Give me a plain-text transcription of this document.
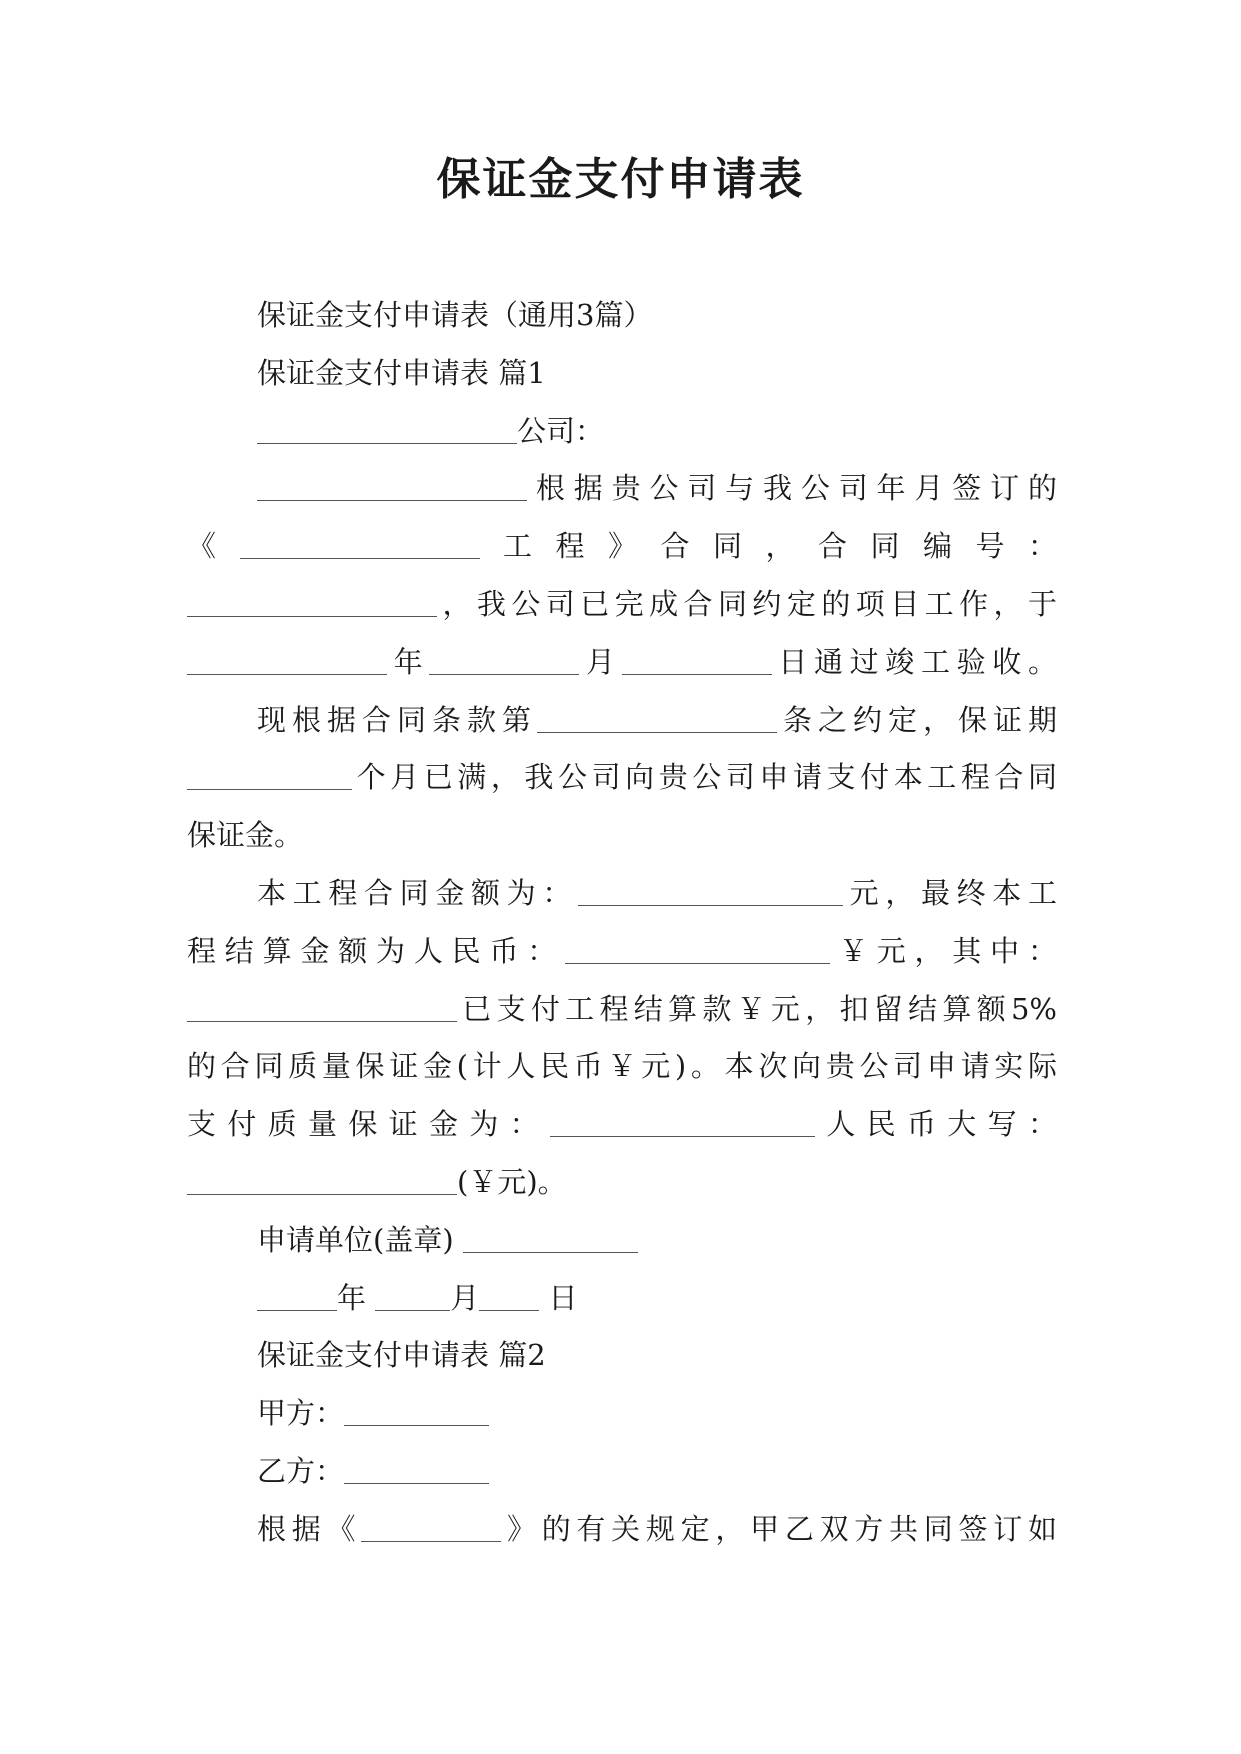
保证金支付申请表
保证金支付申请表（通用3篇）
保证金支付申请表 篇1
公司：
根据贵公司与我公司年月签订的
《	工程》合同，合同编号：
，我公司已完成合同约定的项目工作，于
年	月	日通过竣工验收。
现根据合同条款第	条之约定，保证期
个月已满，我公司向贵公司申请支付本工程合同
保证金。
本工程合同金额为：	元，最终本工
程结算金额为人民币：	￥元，其中：
已支付工程结算款￥元，扣留结算额5%
的合同质量保证金(计人民币￥元)。本次向贵公司申请实际
支付质量保证金为：	人民币大写：
(￥元)。
申请单位(盖章)
年	月 日
保证金支付申请表 篇2
甲方：
乙方：
根据《	》的有关规定，甲乙双方共同签订如
